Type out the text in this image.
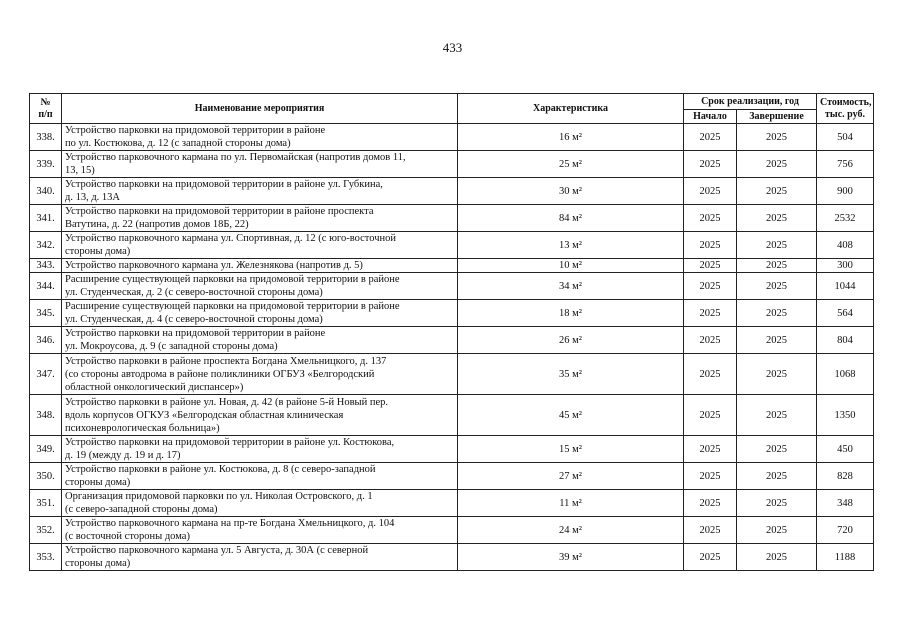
433
№
п/п	Наименование мероприятия	Характеристика	Срок реализации, год		Стоимость,
тыс. руб.
			Начало	Завершение	
338.	Устройство парковки на придомовой территории в районе
по ул. Костюкова, д. 12 (с западной стороны дома)	16 м²	2025	2025	504
339.	Устройство парковочного кармана по ул. Первомайская (напротив домов 11,
13, 15)	25 м²	2025	2025	756
340.	Устройство парковки на придомовой территории в районе ул. Губкина,
д. 13, д. 13А	30 м²	2025	2025	900
341.	Устройство парковки на придомовой территории в районе проспекта
Ватутина, д. 22 (напротив домов 18Б, 22)	84 м²	2025	2025	2532
342.	Устройство парковочного кармана ул. Спортивная, д. 12 (с юго-восточной
стороны дома)	13 м²	2025	2025	408
343.	Устройство парковочного кармана ул. Железнякова (напротив д. 5)	10 м²	2025	2025	300
344.	Расширение существующей парковки на придомовой территории в районе
ул. Студенческая, д. 2 (с северо-восточной стороны дома)	34 м²	2025	2025	1044
345.	Расширение существующей парковки на придомовой территории в районе
ул. Студенческая, д. 4 (с северо-восточной стороны дома)	18 м²	2025	2025	564
346.	Устройство парковки на придомовой территории в районе
ул. Мокроусова, д. 9 (с западной стороны дома)	26 м²	2025	2025	804
347.	Устройство парковки в районе проспекта Богдана Хмельницкого, д. 137
(со стороны автодрома в районе поликлиники ОГБУЗ «Белгородский
областной онкологический диспансер»)	35 м²	2025	2025	1068
348.	Устройство парковки в районе ул. Новая, д. 42 (в районе 5-й Новый пер.
вдоль корпусов ОГКУЗ «Белгородская областная клиническая
психоневрологическая больница»)	45 м²	2025	2025	1350
349.	Устройство парковки на придомовой территории в районе ул. Костюкова,
д. 19 (между д. 19 и д. 17)	15 м²	2025	2025	450
350.	Устройство парковки в районе ул. Костюкова, д. 8 (с северо-западной
стороны дома)	27 м²	2025	2025	828
351.	Организация придомовой парковки по ул. Николая Островского, д. 1
(с северо-западной стороны дома)	11 м²	2025	2025	348
352.	Устройство парковочного кармана на пр-те Богдана Хмельницкого, д. 104
(с восточной стороны дома)	24 м²	2025	2025	720
353.	Устройство парковочного кармана ул. 5 Августа, д. 30А (с северной
стороны дома)	39 м²	2025	2025	1188
